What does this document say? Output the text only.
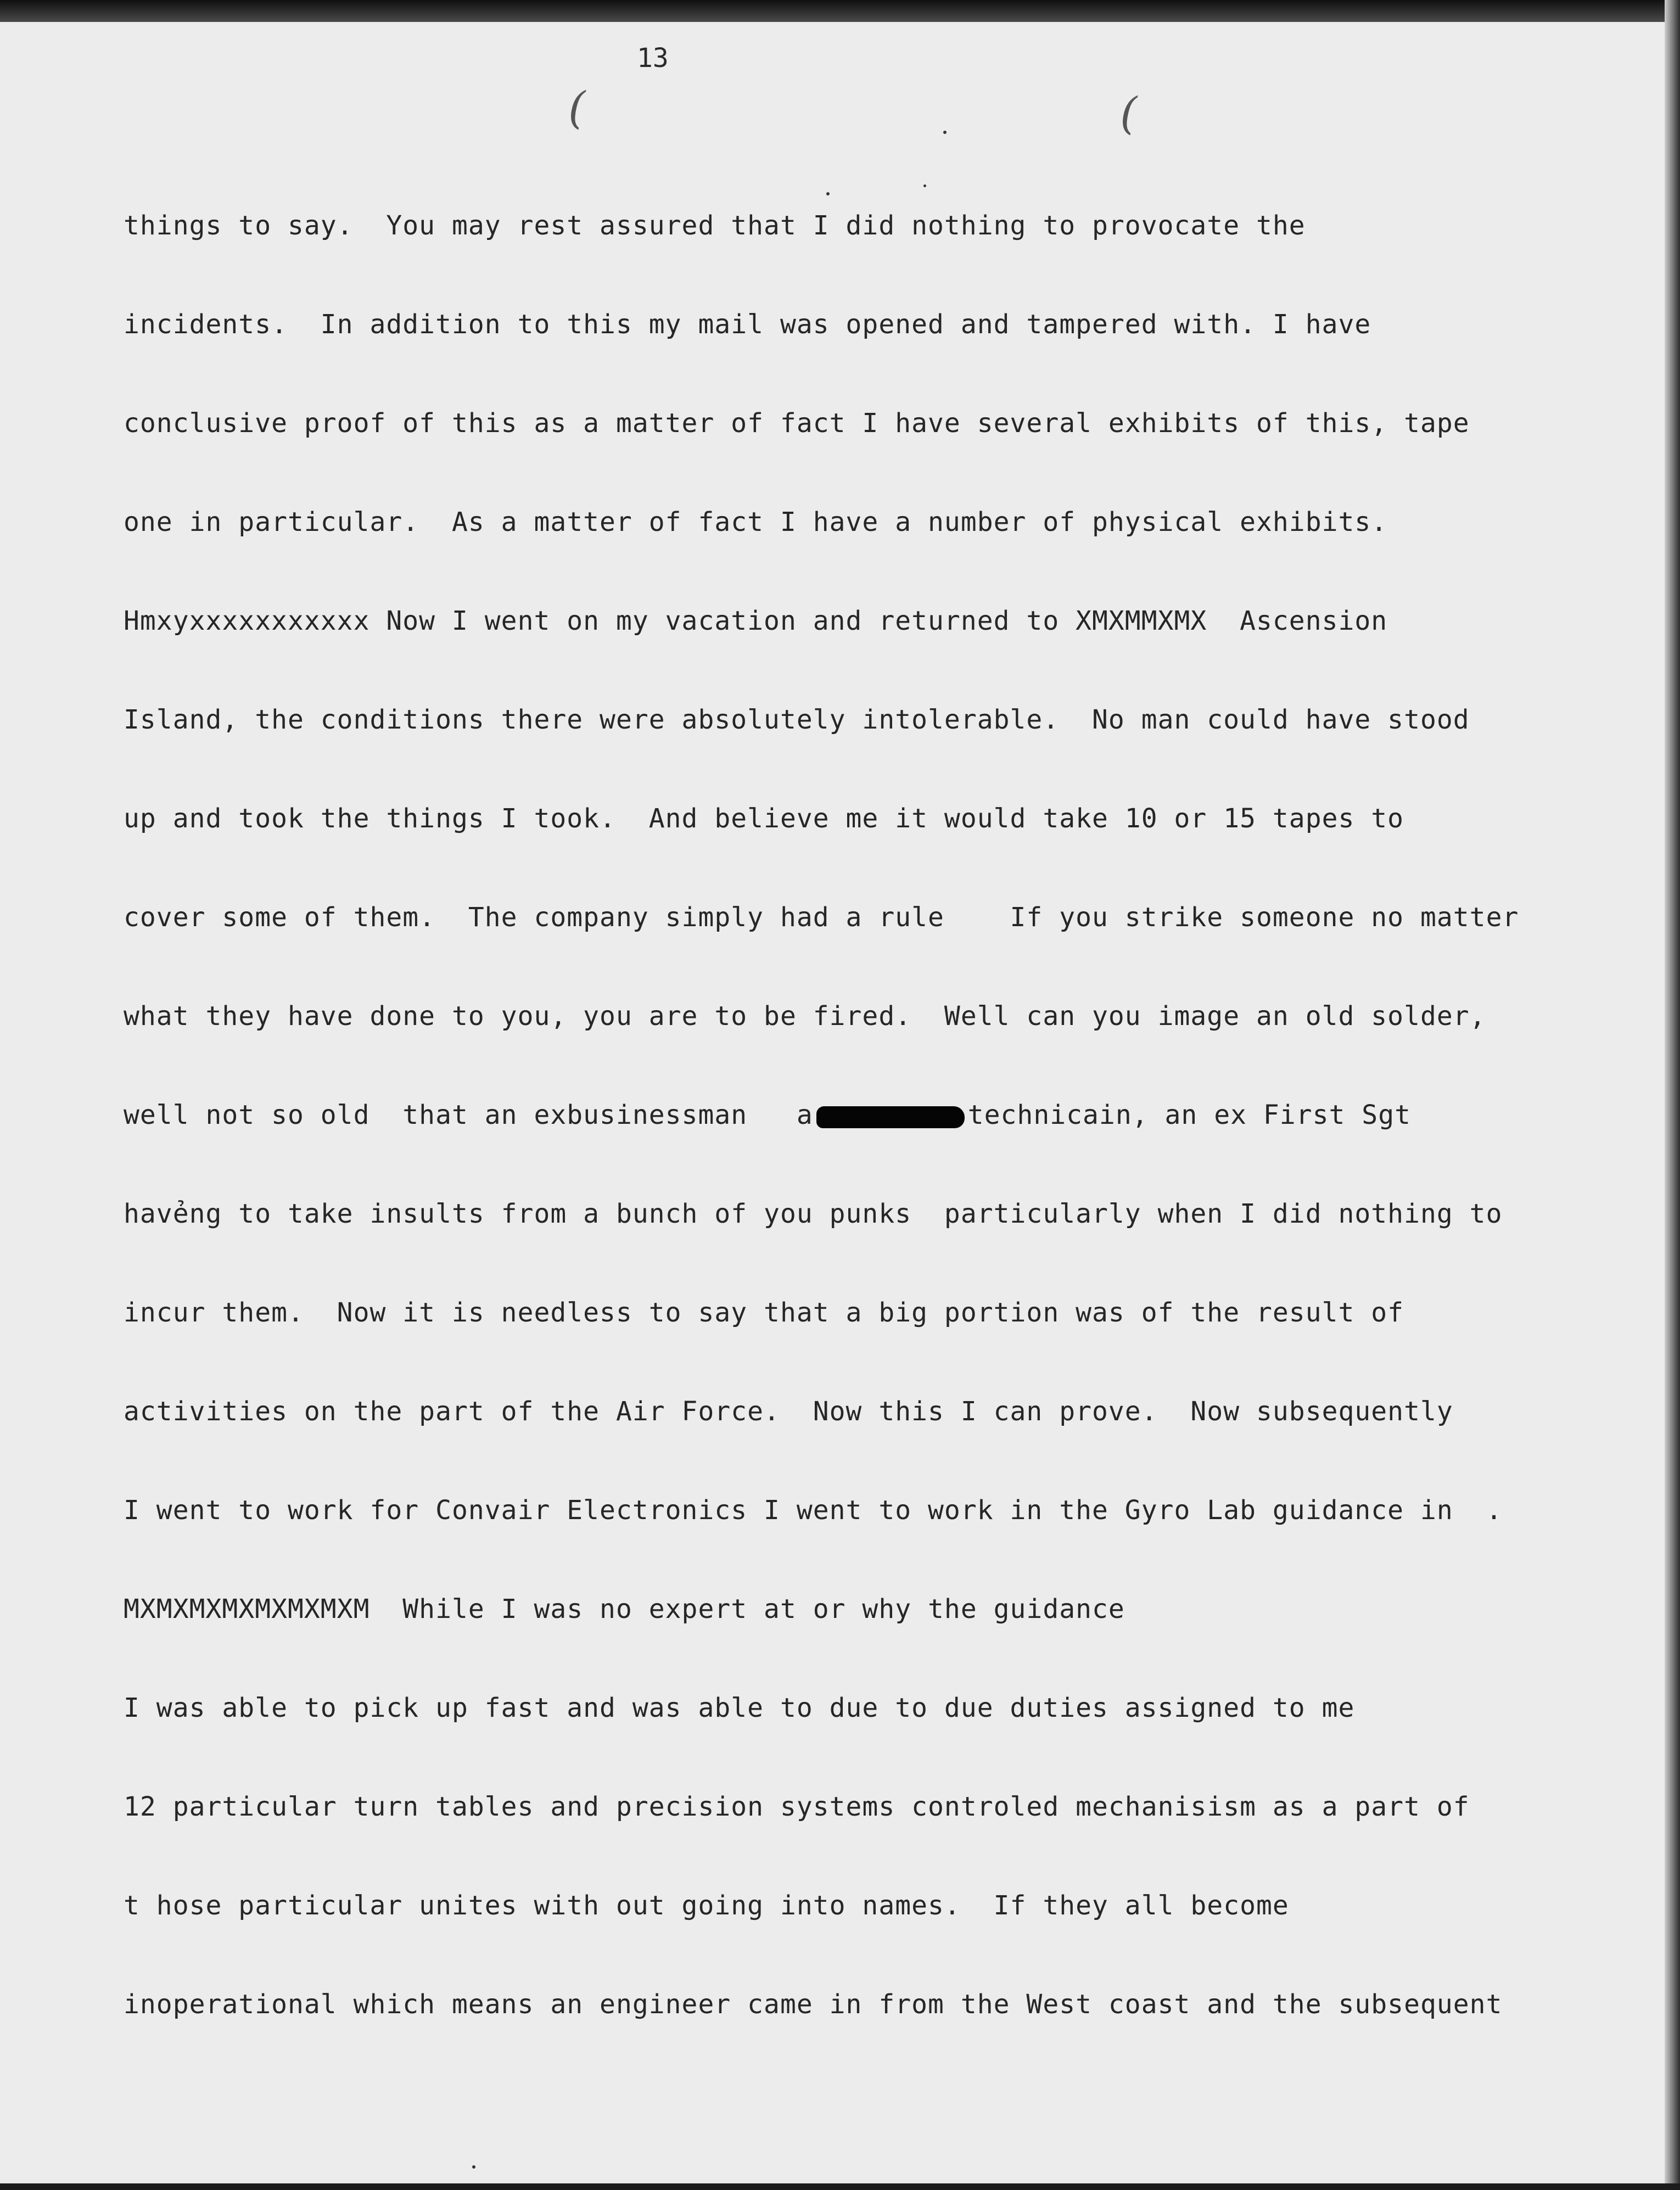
13

(	(
things to say.  You may rest assured that I did nothing to provocate the
incidents.  In addition to this my mail was opened and tampered with. I have
conclusive proof of this as a matter of fact I have several exhibits of this, tape
one in particular.  As a matter of fact I have a number of physical exhibits.
Hmxyxxxxxxxxxxx Now I went on my vacation and returned to XMXMMXMX  Ascension
Island, the conditions there were absolutely intolerable.  No man could have stood
up and took the things I took.  And believe me it would take 10 or 15 tapes to
cover some of them.  The company simply had a rule    If you strike someone no matter
what they have done to you, you are to be fired.  Well can you image an old solder,
well not so old  that an exbusinessman   a	technicain, an ex First Sgt
havẻng to take insults from a bunch of you punks  particularly when I did nothing to
incur them.  Now it is needless to say that a big portion was of the result of
activities on the part of the Air Force.  Now this I can prove.  Now subsequently
I went to work for Convair Electronics I went to work in the Gyro Lab guidance in  .
MXMXMXMXMXMXMXM  While I was no expert at or why the guidance
I was able to pick up fast and was able to due to due duties assigned to me
12 particular turn tables and precision systems controled mechanisism as a part of
t hose particular unites with out going into names.  If they all become
inoperational which means an engineer came in from the West coast and the subsequent
